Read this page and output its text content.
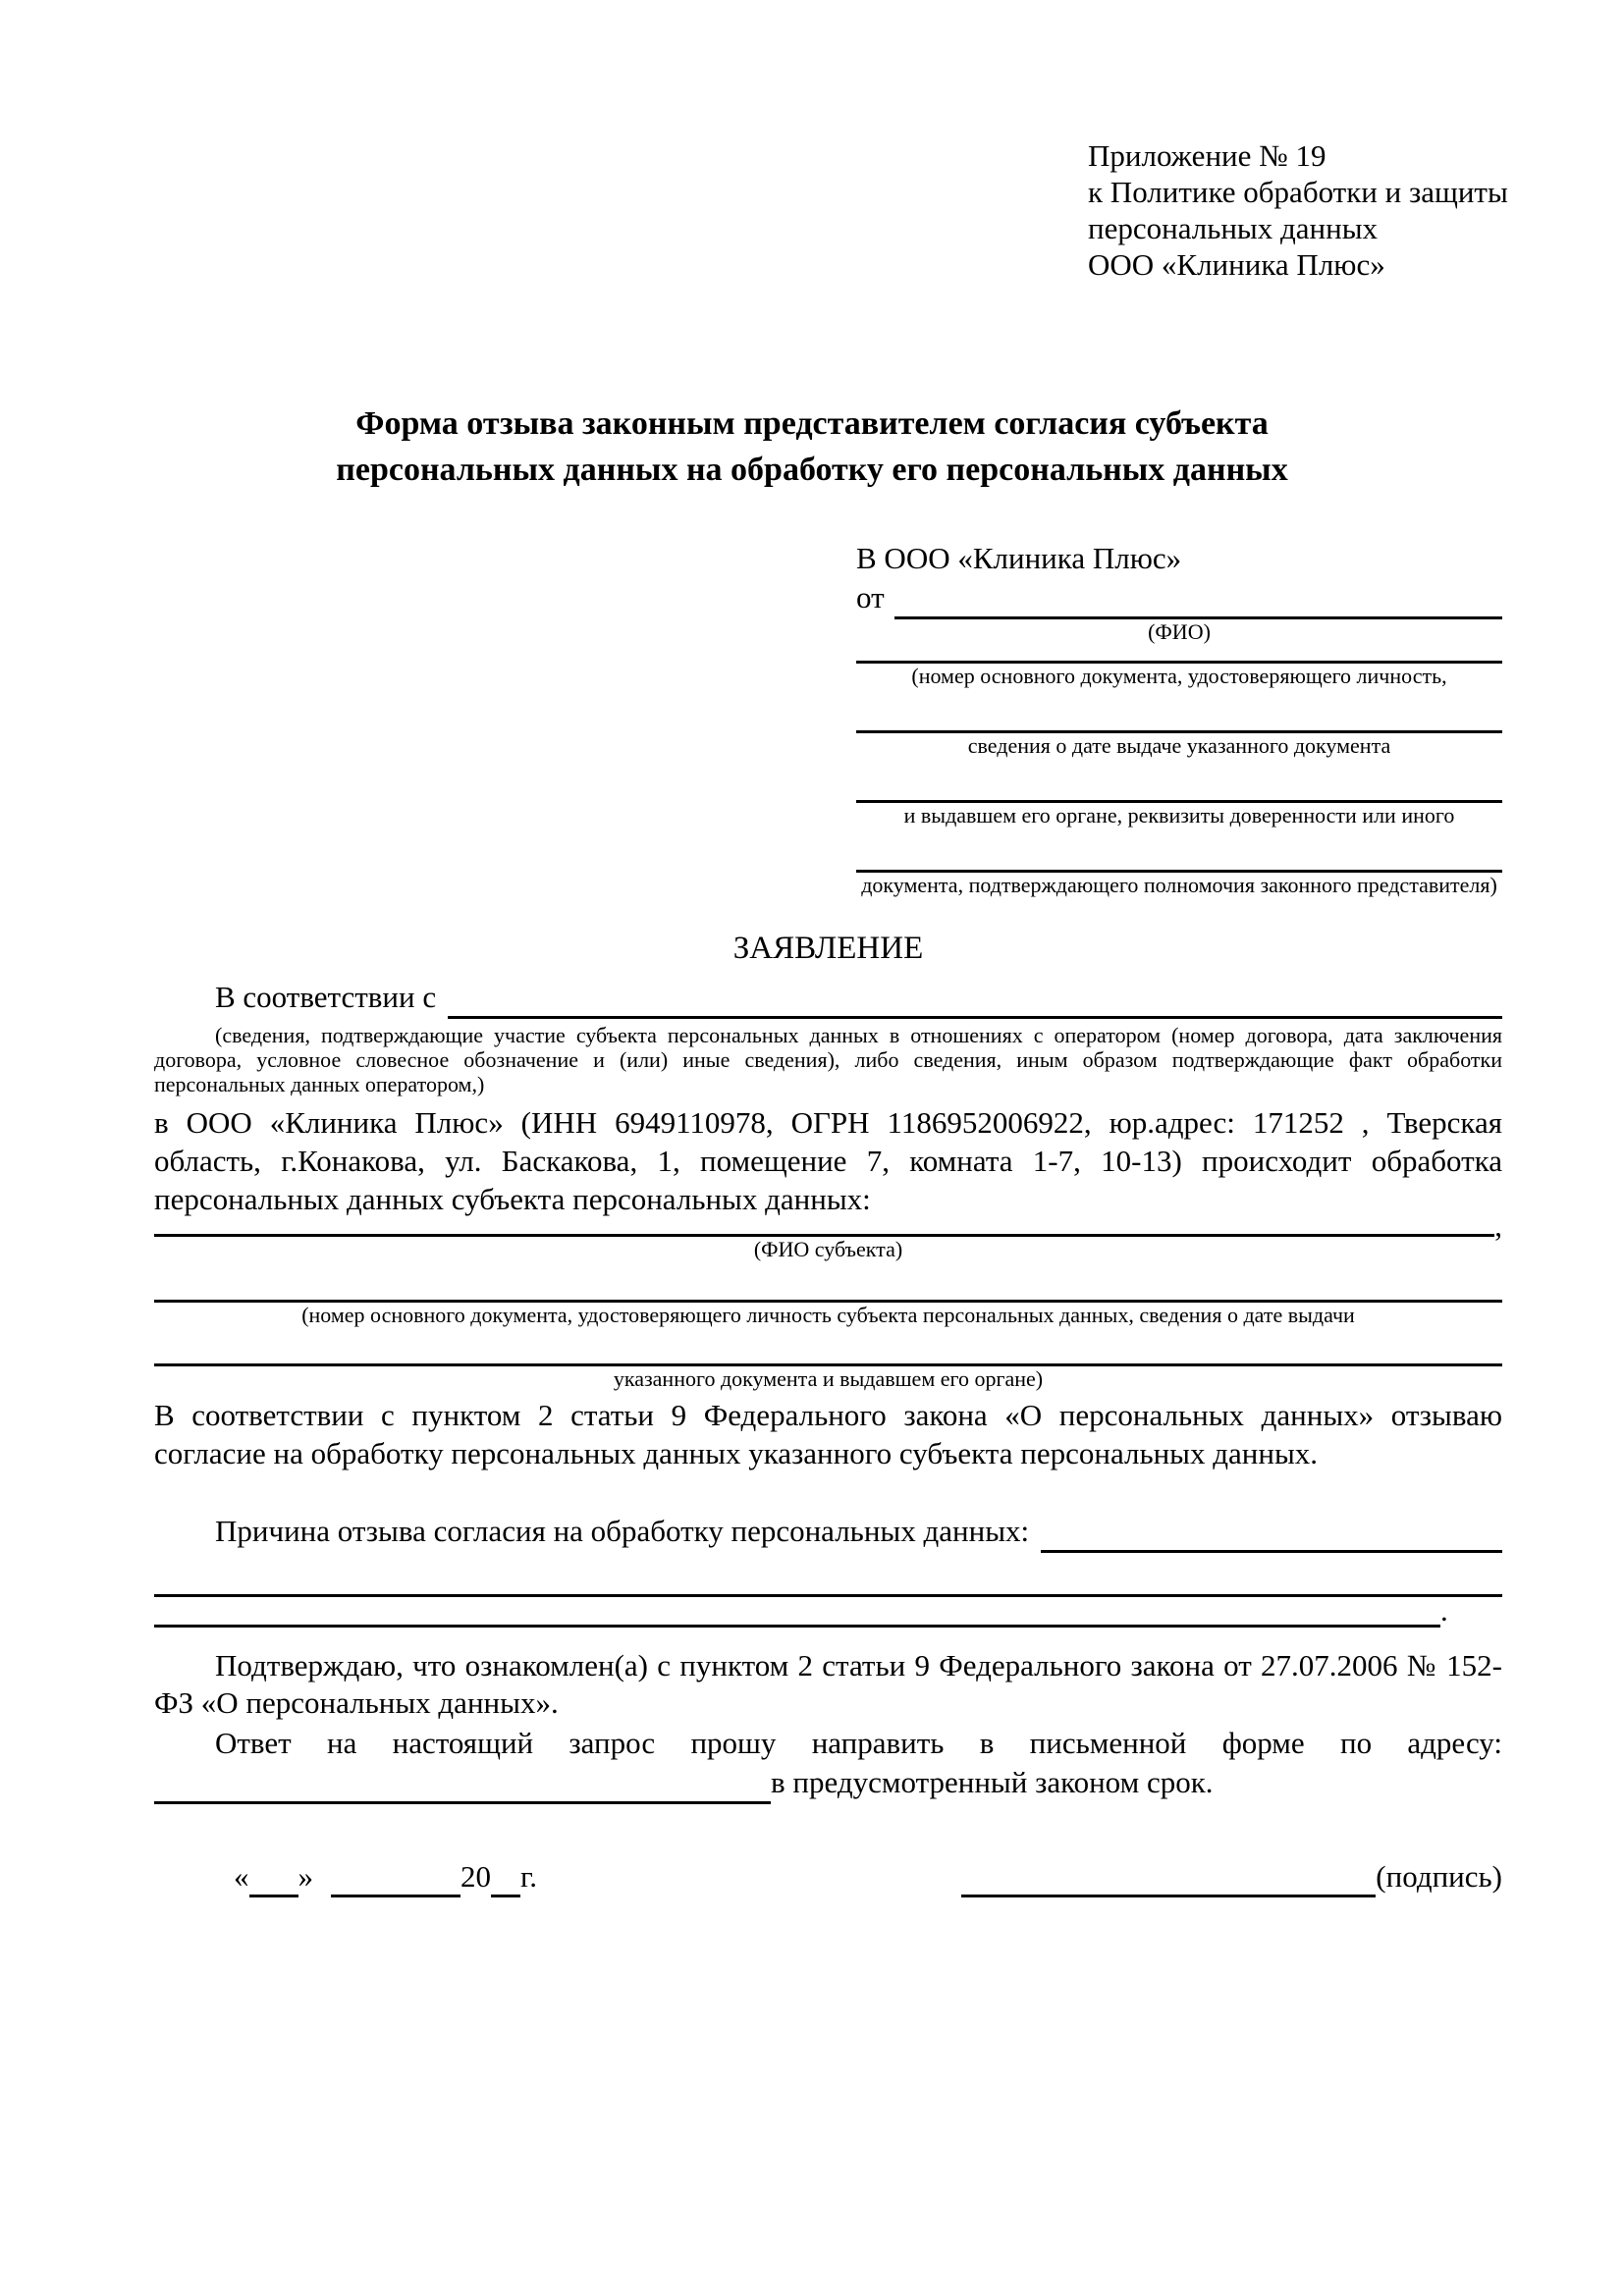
Приложение № 19
к Политике обработки и защиты
персональных данных
ООО «Клиника Плюс»
Форма отзыва законным представителем согласия субъекта
персональных данных на обработку его персональных данных
В ООО «Клиника Плюс»
от
(ФИО)
(номер основного документа, удостоверяющего личность,
сведения о дате выдаче указанного документа
и выдавшем его органе, реквизиты доверенности или иного
документа, подтверждающего полномочия законного представителя)
ЗАЯВЛЕНИЕ
В соответствии с
(сведения, подтверждающие участие субъекта персональных данных в отношениях с оператором (номер договора, дата заключения договора, условное словесное обозначение и (или) иные сведения), либо сведения, иным образом подтверждающие факт обработки персональных данных оператором,)
в ООО «Клиника Плюс» (ИНН 6949110978, ОГРН 1186952006922, юр.адрес: 171252 , Тверская область, г.Конакова, ул. Баскакова, 1, помещение 7, комната 1-7, 10-13) происходит обработка персональных данных субъекта персональных данных:
,
(ФИО субъекта)
(номер основного документа, удостоверяющего личность субъекта персональных данных, сведения о дате выдачи
указанного документа и выдавшем его органе)
В соответствии с пунктом 2 статьи 9 Федерального закона «О персональных данных» отзываю согласие на обработку персональных данных указанного субъекта персональных данных.
Причина отзыва согласия на обработку персональных данных:
.
Подтверждаю, что ознакомлен(а) с пунктом 2 статьи 9 Федерального закона от 27.07.2006 № 152-ФЗ «О персональных данных».
Ответ на настоящий запрос прошу направить в письменной форме по адресу:
в предусмотренный законом срок.
« »	20 г.	(подпись)
